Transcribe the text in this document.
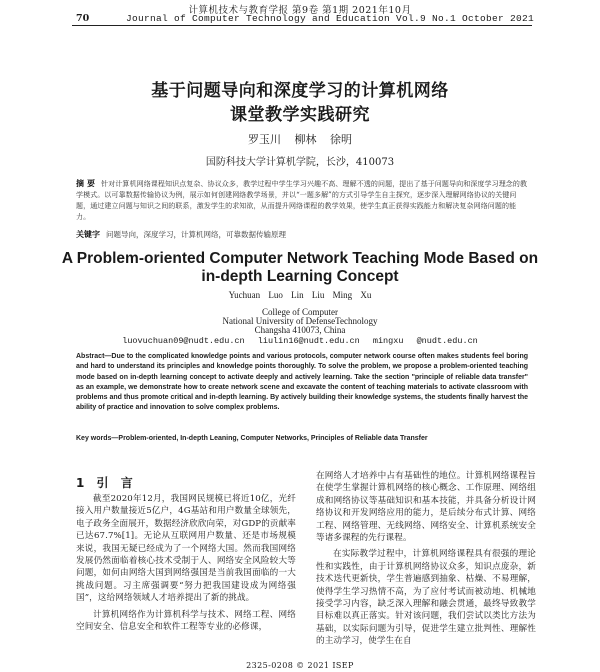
计算机技术与教育学报 第9卷 第1期 2021年10月
70	Journal of Computer Technology and Education Vol.9 No.1 October 2021
基于问题导向和深度学习的计算机网络
课堂教学实践研究
罗玉川 柳林 徐明
国防科技大学计算机学院，长沙，410073
摘 要 针对计算机网络课程知识点复杂、协议众多，教学过程中学生学习兴趣不高、理解不透的问题，提出了基于问题导向和深度学习理念的教学模式。以可靠数据传输协议为例，展示如何创建网络教学场景，并以“一题多解”的方式引导学生自主探究，逐步深入理解网络协议的关键问题，通过建立问题与知识之间的联系，激发学生的求知欲，从而提升网络课程的教学效果，使学生真正获得实践能力和解决复杂网络问题的能力。
关键字 问题导向，深度学习，计算机网络，可靠数据传输原理
A Problem-oriented Computer Network Teaching Mode Based on
in-depth Learning Concept
Yuchuan Luo Lin Liu Ming Xu
College of Computer
National University of DefenseTechnology
Changsha 410073, China
luovuchuan09@nudt.edu.cn liulin16@nudt.edu.cn mingxu @nudt.edu.cn
Abstract—Due to the complicated knowledge points and various protocols, computer network course often makes students feel boring and hard to understand its principles and knowledge points thoroughly. To solve the problem, we propose a problem-oriented teaching mode based on in-depth learning concept to activate deeply and actively learning. Take the section "principle of reliable data transfer" as an example, we demonstrate how to create network scene and excavate the content of teaching materials to activate classroom with problems and thus promote critical and in-depth learning. By actively building their knowledge systems, the students finally harvest the ability of practice and innovation to solve complex problems.
Key words—Problem-oriented, In-depth Leaning, Computer Networks, Principles of Reliable data Transfer
1 引 言

截至2020年12月，我国网民规模已将近10亿，光纤接入用户数量接近5亿户，4G基站和用户数量全球领先，电子政务全面展开，数据经济欣欣向荣，对GDP的贡献率已达67.7%[1]。无论从互联网用户数量、还是市场规模来说，我国无疑已经成为了一个网络大国。然而我国网络发展仍然面临着核心技术受制于人、网络安全风险较大等问题，如何由网络大国到网络强国是当前我国面临的一大挑战问题。习主席强调要“努力把我国建设成为网络强国”，这给网络领域人才培养提出了新的挑战。

计算机网络作为计算机科学与技术、网络工程、网络空间安全、信息安全和软件工程等专业的必修课，

在网络人才培养中占有基础性的地位。计算机网络课程旨在使学生掌握计算机网络的核心概念、工作原理、网络组成和网络协议等基础知识和基本技能，并具备分析设计网络协议和开发网络应用的能力，是后续分布式计算、网络工程、网络管理、无线网络、网络安全、计算机系统安全等诸多课程的先行课程。

在实际教学过程中，计算机网络课程具有很强的理论性和实践性，由于计算机网络协议众多，知识点庞杂，新技术迭代更新快，学生普遍感到抽象、枯燥、不易理解，使得学生学习热情不高，为了应付考试而被动地、机械地接受学习内容，缺乏深入理解和融会贯通，最终导致教学目标难以真正落实。针对该问题，我们尝试以类比方法为基础，以实际问题为引导，促进学生建立批判性、理解性的主动学习，使学生在自

2325-0208 © 2021 ISEP
